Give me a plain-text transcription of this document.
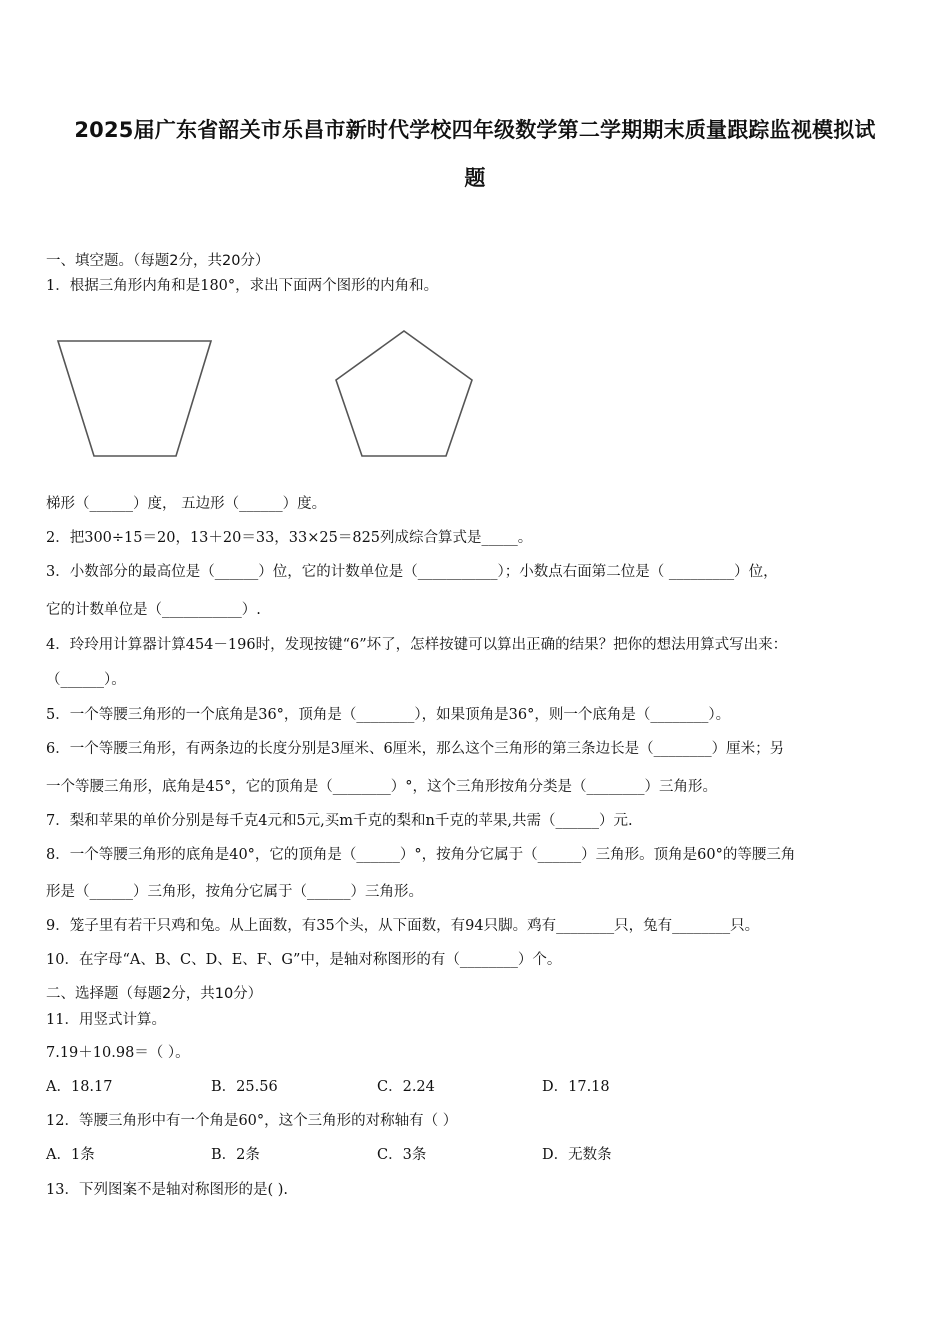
2025届广东省韶关市乐昌市新时代学校四年级数学第二学期期末质量跟踪监视模拟试
题
一、填空题。（每题2分，共20分）
1．根据三角形内角和是180°，求出下面两个图形的内角和。
梯形（______）度， 五边形（______）度。
2．把300÷15＝20，13＋20＝33，33×25＝825列成综合算式是_____。
3．小数部分的最高位是（______）位，它的计数单位是（___________）；小数点右面第二位是（ _________）位，
它的计数单位是（___________）.
4．玲玲用计算器计算454－196时，发现按键“6”坏了，怎样按键可以算出正确的结果？把你的想法用算式写出来：
（______）。
5．一个等腰三角形的一个底角是36°，顶角是（________），如果顶角是36°，则一个底角是（________）。
6．一个等腰三角形，有两条边的长度分别是3厘米、6厘米，那么这个三角形的第三条边长是（________）厘米；另
一个等腰三角形，底角是45°，它的顶角是（________）°，这个三角形按角分类是（________）三角形。
7．梨和苹果的单价分别是每千克4元和5元,买m千克的梨和n千克的苹果,共需（______）元.
8．一个等腰三角形的底角是40°，它的顶角是（______）°，按角分它属于（______）三角形。顶角是60°的等腰三角
形是（______）三角形，按角分它属于（______）三角形。
9．笼子里有若干只鸡和兔。从上面数，有35个头，从下面数，有94只脚。鸡有________只，兔有________只。
10．在字母“A、B、C、D、E、F、G”中，是轴对称图形的有（________）个。
二、选择题（每题2分，共10分）
11．用竖式计算。
7.19＋10.98＝（ ）。
A．18.17	B．25.56	C．2.24	D．17.18
12．等腰三角形中有一个角是60°，这个三角形的对称轴有（ ）
A．1条	B．2条	C．3条	D．无数条
13．下列图案不是轴对称图形的是( ).
